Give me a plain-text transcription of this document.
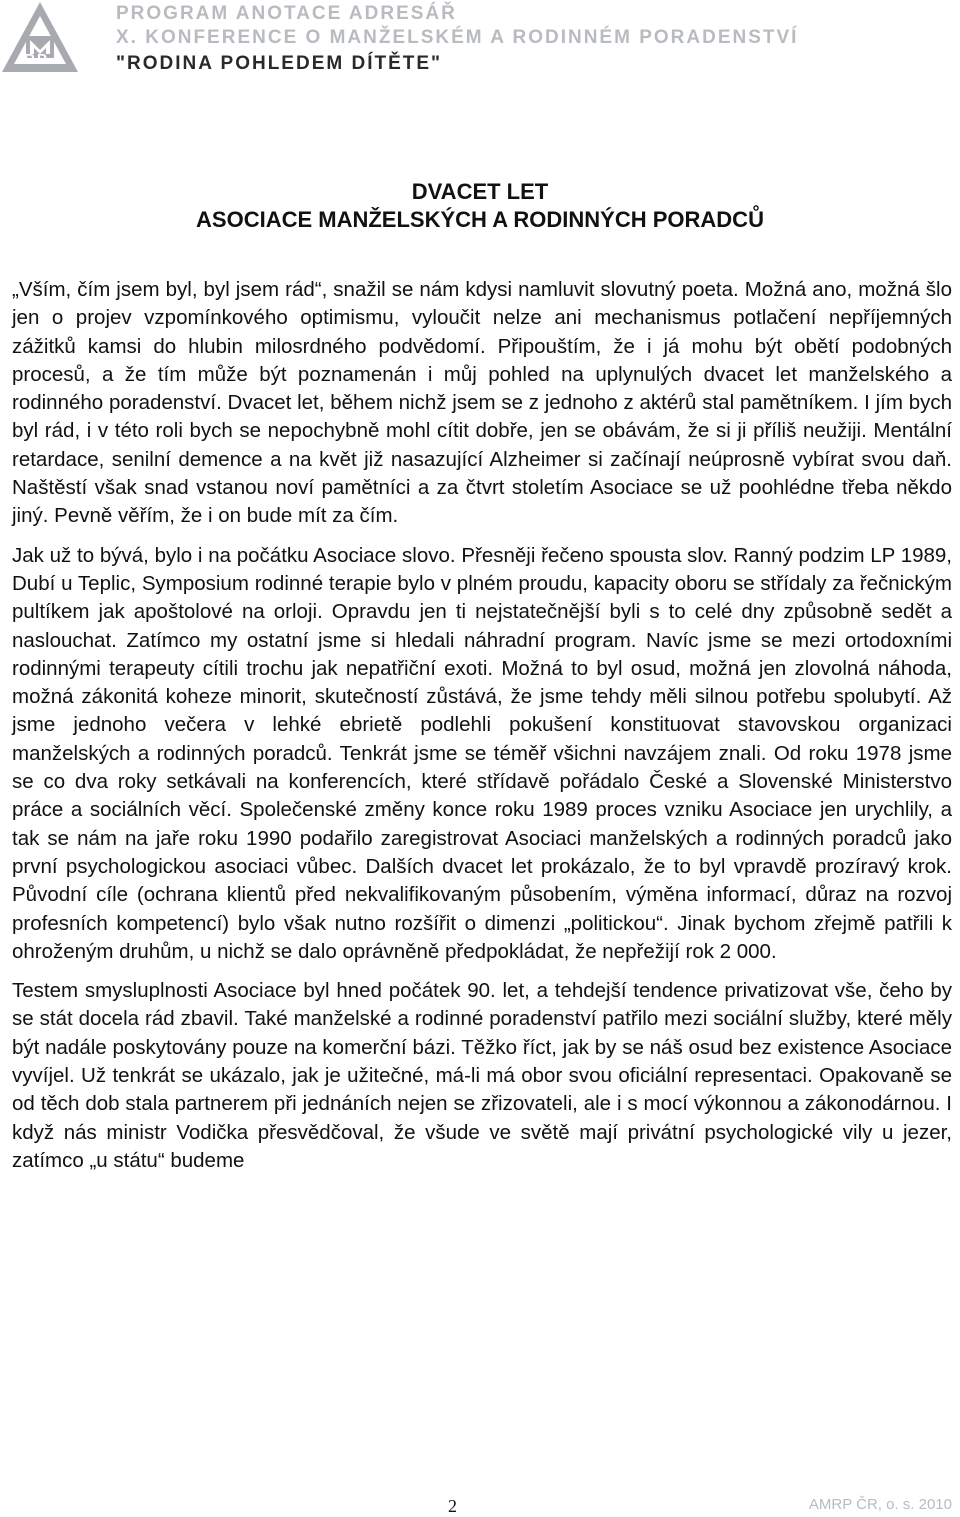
RP
PROGRAM ANOTACE ADRESÁŘ
X. KONFERENCE O MANŽELSKÉM A RODINNÉM PORADENSTVÍ
"RODINA POHLEDEM DÍTĚTE"
DVACET LET
ASOCIACE MANŽELSKÝCH A RODINNÝCH PORADCŮ

„Vším, čím jsem byl, byl jsem rád“, snažil se nám kdysi namluvit slovutný poeta. Možná ano, možná šlo jen o projev vzpomínkového optimismu, vyloučit nelze ani mechanismus potlačení nepříjemných zážitků kamsi do hlubin milosrdného podvědomí. Připouštím, že i já mohu být obětí podobných procesů, a že tím může být poznamenán i můj pohled na uplynulých dvacet let manželského a rodinného poradenství. Dvacet let, během nichž jsem se z jednoho z aktérů stal pamětníkem. I jím bych byl rád, i v této roli bych se nepochybně mohl cítit dobře, jen se obávám, že si ji příliš neužiji. Mentální retardace, senilní demence a na květ již nasazující Alzheimer si začínají neúprosně vybírat svou daň. Naštěstí však snad vstanou noví pamětníci a za čtvrt stoletím Asociace se už poohlédne třeba někdo jiný. Pevně věřím, že i on bude mít za čím.

Jak už to bývá, bylo i na počátku Asociace slovo. Přesněji řečeno spousta slov. Ranný podzim LP 1989, Dubí u Teplic, Symposium rodinné terapie bylo v plném proudu, kapacity oboru se střídaly za řečnickým pultíkem jak apoštolové na orloji. Opravdu jen ti nejstatečnější byli s to celé dny způsobně sedět a naslouchat. Zatímco my ostatní jsme si hledali náhradní program. Navíc jsme se mezi ortodoxními rodinnými terapeuty cítili trochu jak nepatřiční exoti. Možná to byl osud, možná jen zlovolná náhoda, možná zákonitá koheze minorit, skutečností zůstává, že jsme tehdy měli silnou potřebu spolubytí. Až jsme jednoho večera v lehké ebrietě podlehli pokušení konstituovat stavovskou organizaci manželských a rodinných poradců. Tenkrát jsme se téměř všichni navzájem znali. Od roku 1978 jsme se co dva roky setkávali na konferencích, které střídavě pořádalo České a Slovenské Ministerstvo práce a sociálních věcí. Společenské změny konce roku 1989 proces vzniku Asociace jen urychlily, a tak se nám na jaře roku 1990 podařilo zaregistrovat Asociaci manželských a rodinných poradců jako první psychologickou asociaci vůbec. Dalších dvacet let prokázalo, že to byl vpravdě prozíravý krok. Původní cíle (ochrana klientů před nekvalifikovaným působením, výměna informací, důraz na rozvoj profesních kompetencí) bylo však nutno rozšířit o dimenzi „politickou“. Jinak bychom zřejmě patřili k ohroženým druhům, u nichž se dalo oprávněně předpokládat, že nepřežijí rok 2 000.

Testem smysluplnosti Asociace byl hned počátek 90. let, a tehdejší tendence privatizovat vše, čeho by se stát docela rád zbavil. Také manželské a rodinné poradenství patřilo mezi sociální služby, které měly být nadále poskytovány pouze na komerční bázi. Těžko říct, jak by se náš osud bez existence Asociace vyvíjel. Už tenkrát se ukázalo, jak je užitečné, má-li má obor svou oficiální representaci. Opakovaně se od těch dob stala partnerem při jednáních nejen se zřizovateli, ale i s mocí výkonnou a zákonodárnou. I když nás ministr Vodička přesvědčoval, že všude ve světě mají privátní psychologické vily u jezer, zatímco „u státu“ budeme

2	AMRP ČR, o. s. 2010
